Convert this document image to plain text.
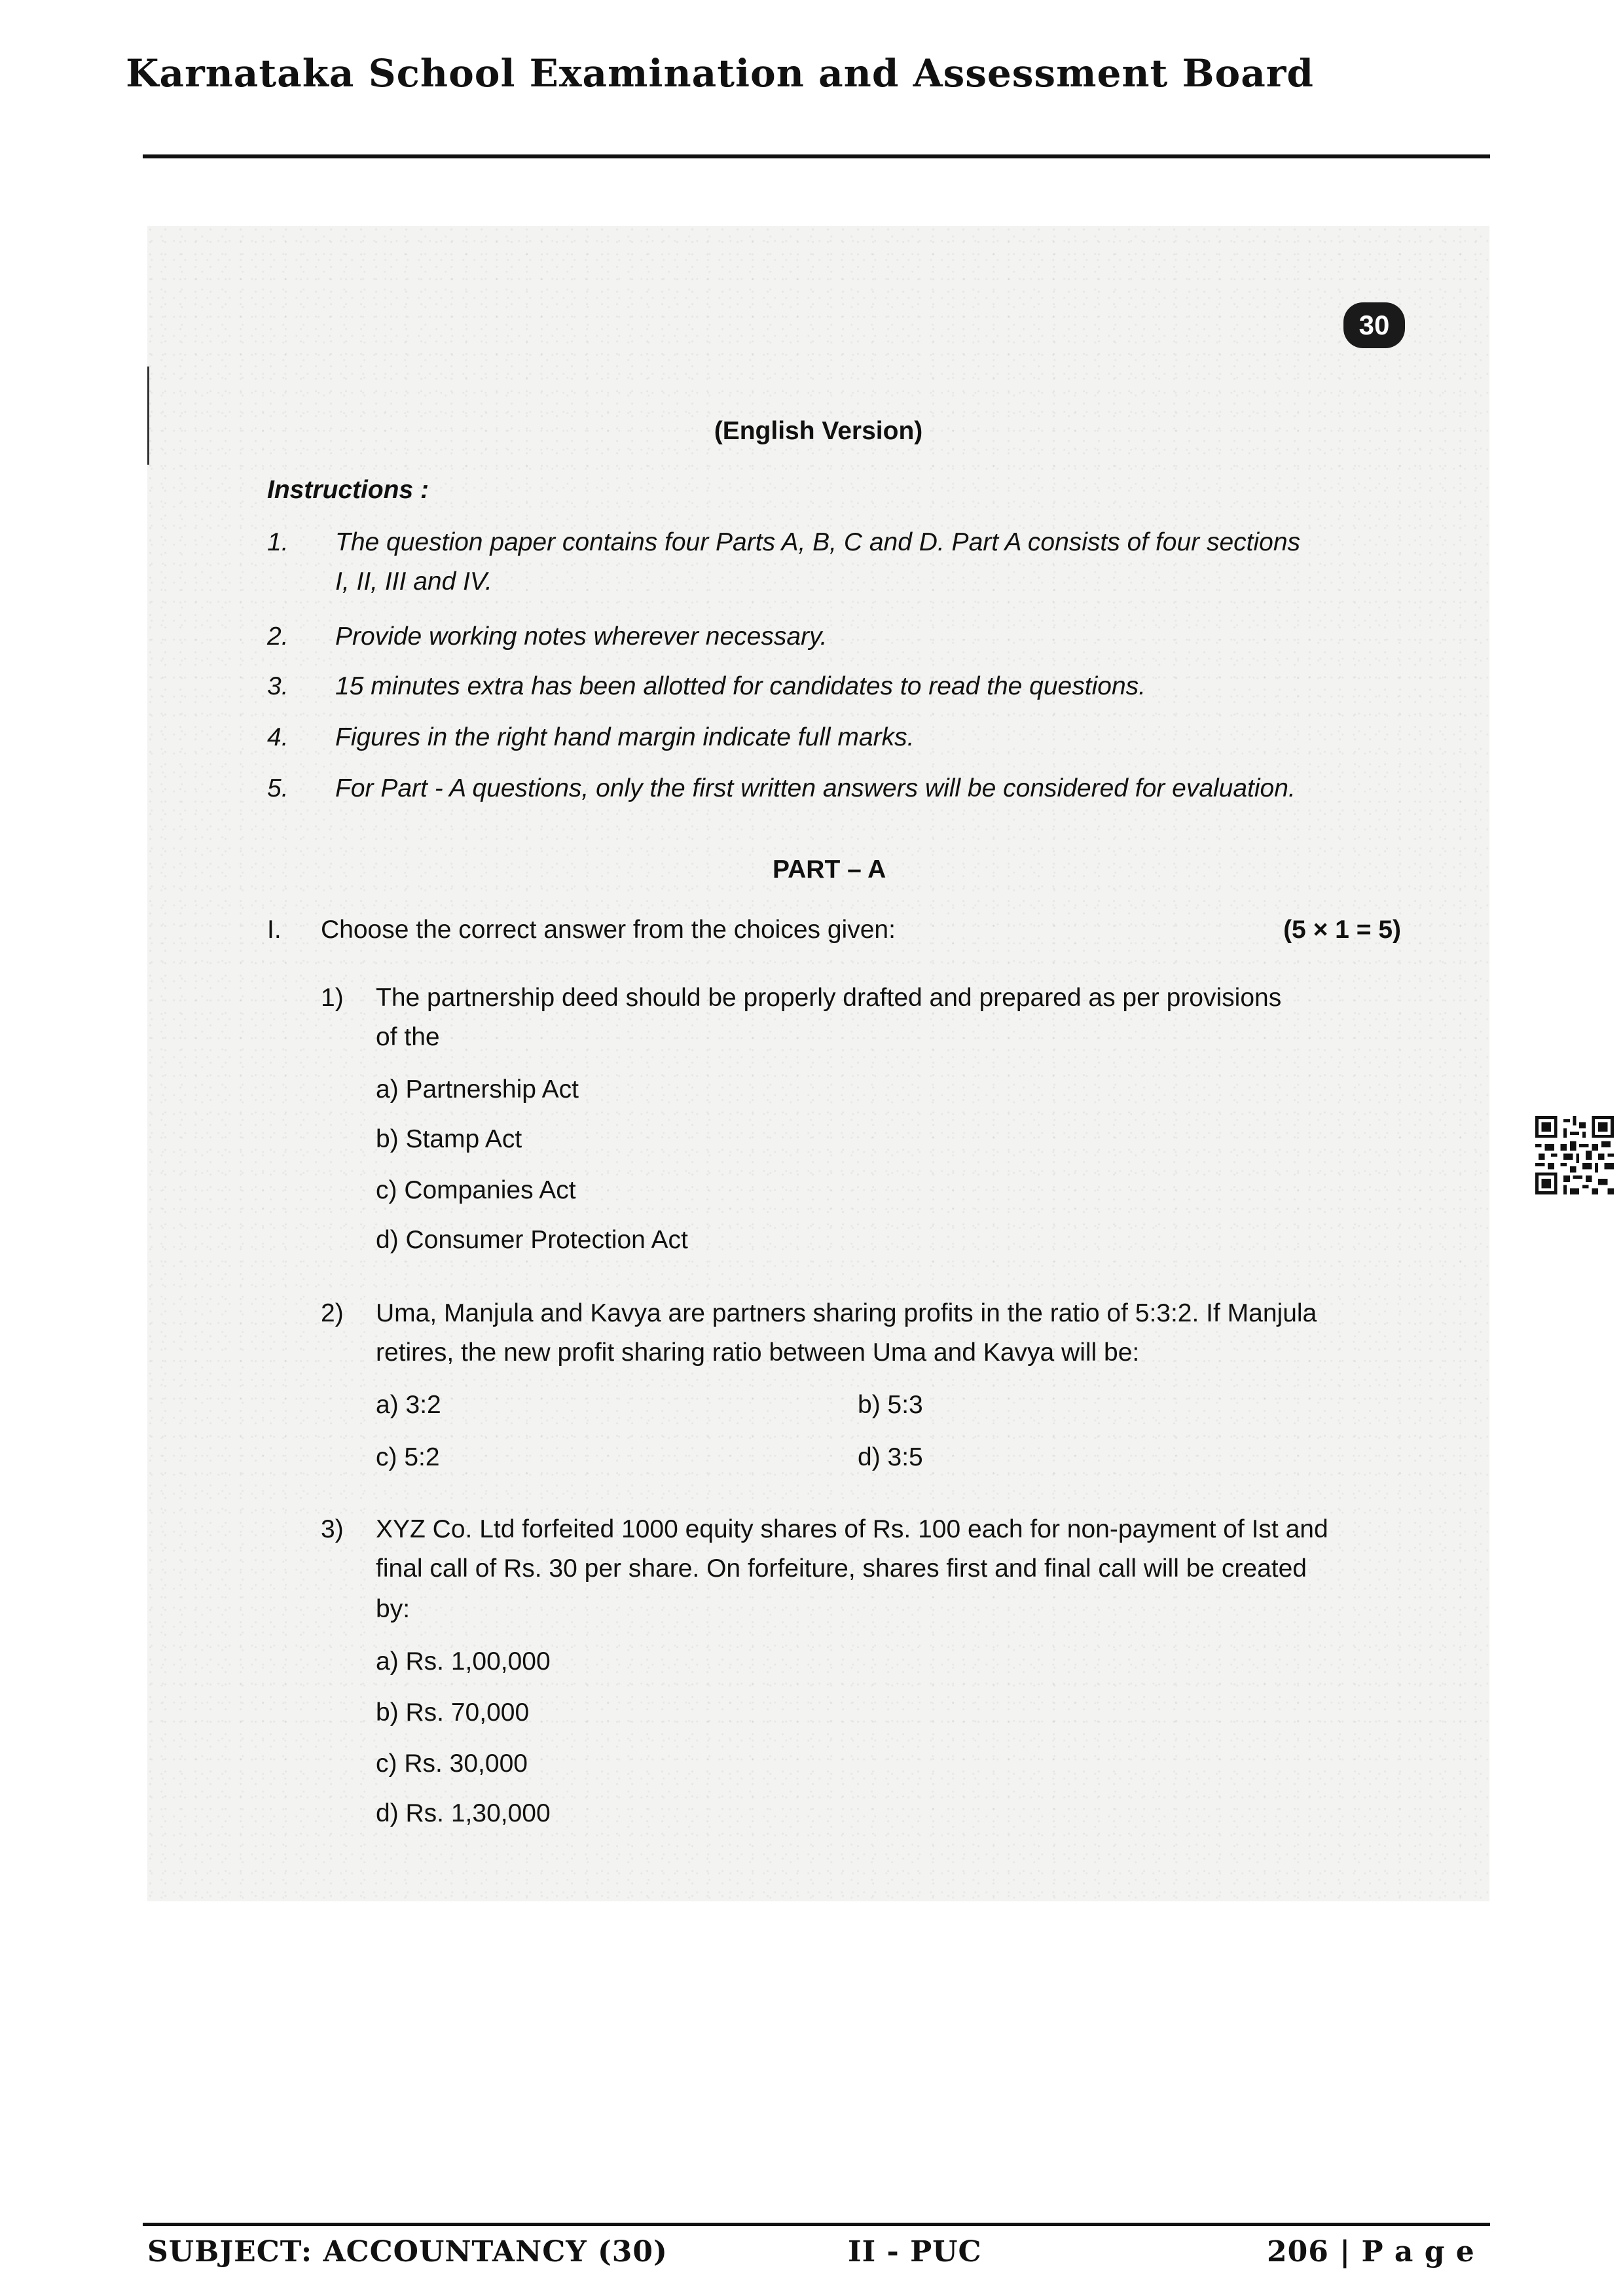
Karnataka School Examination and Assessment Board
30
(English Version)
Instructions :
1. The question paper contains four Parts A, B, C and D. Part A consists of four sections
I, II, III and IV.
2. Provide working notes wherever necessary.
3. 15 minutes extra has been allotted for candidates to read the questions.
4. Figures in the right hand margin indicate full marks.
5. For Part - A questions, only the first written answers will be considered for evaluation.
PART – A
I. Choose the correct answer from the choices given:	(5 × 1 = 5)
1) The partnership deed should be properly drafted and prepared as per provisions
of the
a) Partnership Act
b) Stamp Act
c) Companies Act
d) Consumer Protection Act
2) Uma, Manjula and Kavya are partners sharing profits in the ratio of 5:3:2. If Manjula
retires, the new profit sharing ratio between Uma and Kavya will be:
a) 3:2	b) 5:3
c) 5:2	d) 3:5
3) XYZ Co. Ltd forfeited 1000 equity shares of Rs. 100 each for non-payment of Ist and
final call of Rs. 30 per share. On forfeiture, shares first and final call will be created
by:
a) Rs. 1,00,000
b) Rs. 70,000
c) Rs. 30,000
d) Rs. 1,30,000
SUBJECT: ACCOUNTANCY (30)	II - PUC	206 | P a g e
